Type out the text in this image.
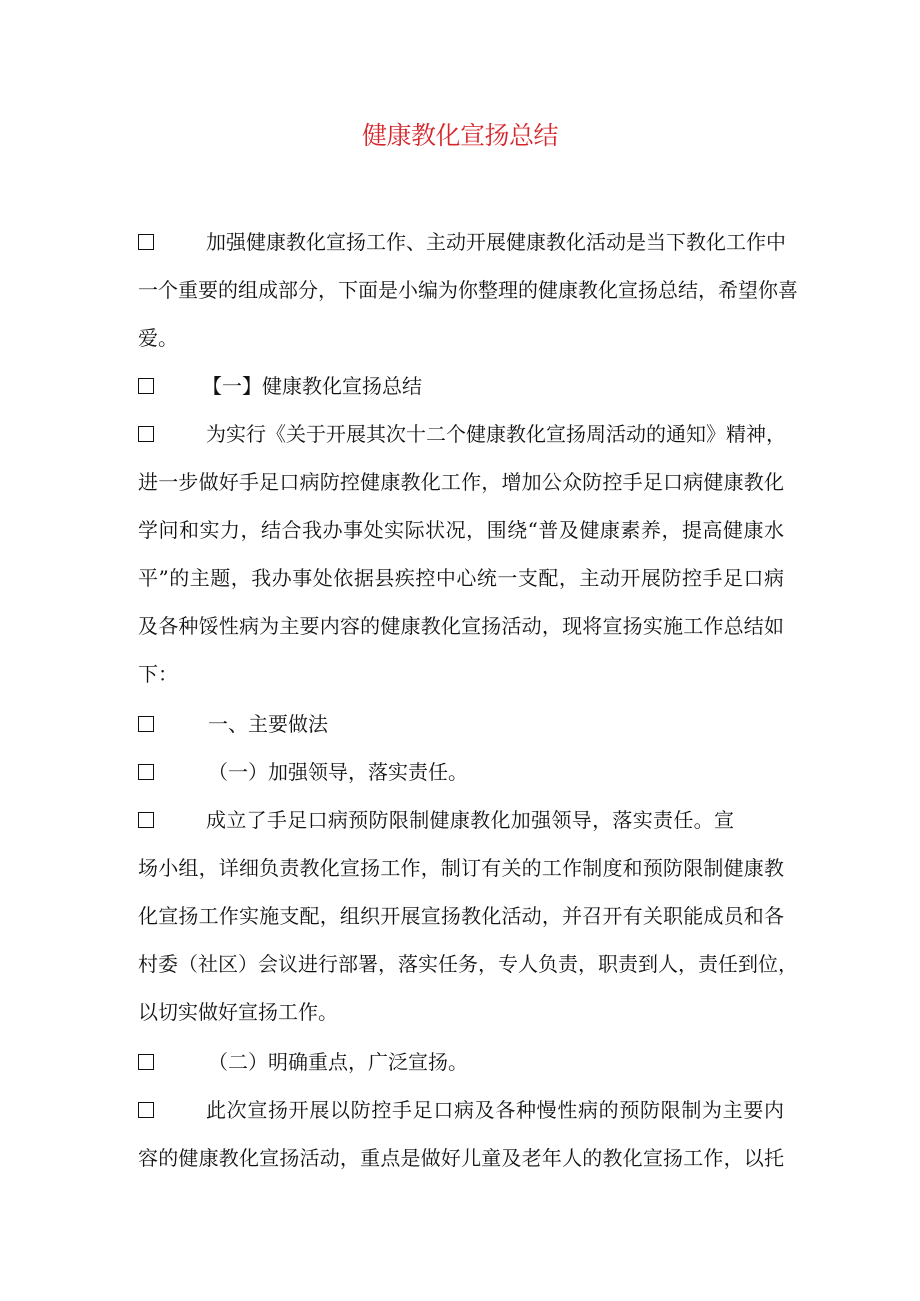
健康教化宣扬总结
加强健康教化宣扬工作、主动开展健康教化活动是当下教化工作中
一个重要的组成部分，下面是小编为你整理的健康教化宣扬总结，希望你喜
爱。
【一】健康教化宣扬总结
为实行《关于开展其次十二个健康教化宣扬周活动的通知》精神，
进一步做好手足口病防控健康教化工作，增加公众防控手足口病健康教化
学问和实力，结合我办事处实际状况，围绕“普及健康素养，提高健康水
平”的主题，我办事处依据县疾控中心统一支配，主动开展防控手足口病
及各种馁性病为主要内容的健康教化宣扬活动，现将宣扬实施工作总结如
下：
一、主要做法
（一）加强领导，落实责任。
成立了手足口病预防限制健康教化加强领导，落实责任。宣
场小组，详细负责教化宣扬工作，制订有关的工作制度和预防限制健康教
化宣扬工作实施支配，组织开展宣扬教化活动，并召开有关职能成员和各
村委（社区）会议进行部署，落实任务，专人负责，职责到人，责任到位，
以切实做好宣扬工作。
（二）明确重点，广泛宣扬。
此次宣扬开展以防控手足口病及各种慢性病的预防限制为主要内
容的健康教化宣扬活动，重点是做好儿童及老年人的教化宣扬工作，以托
